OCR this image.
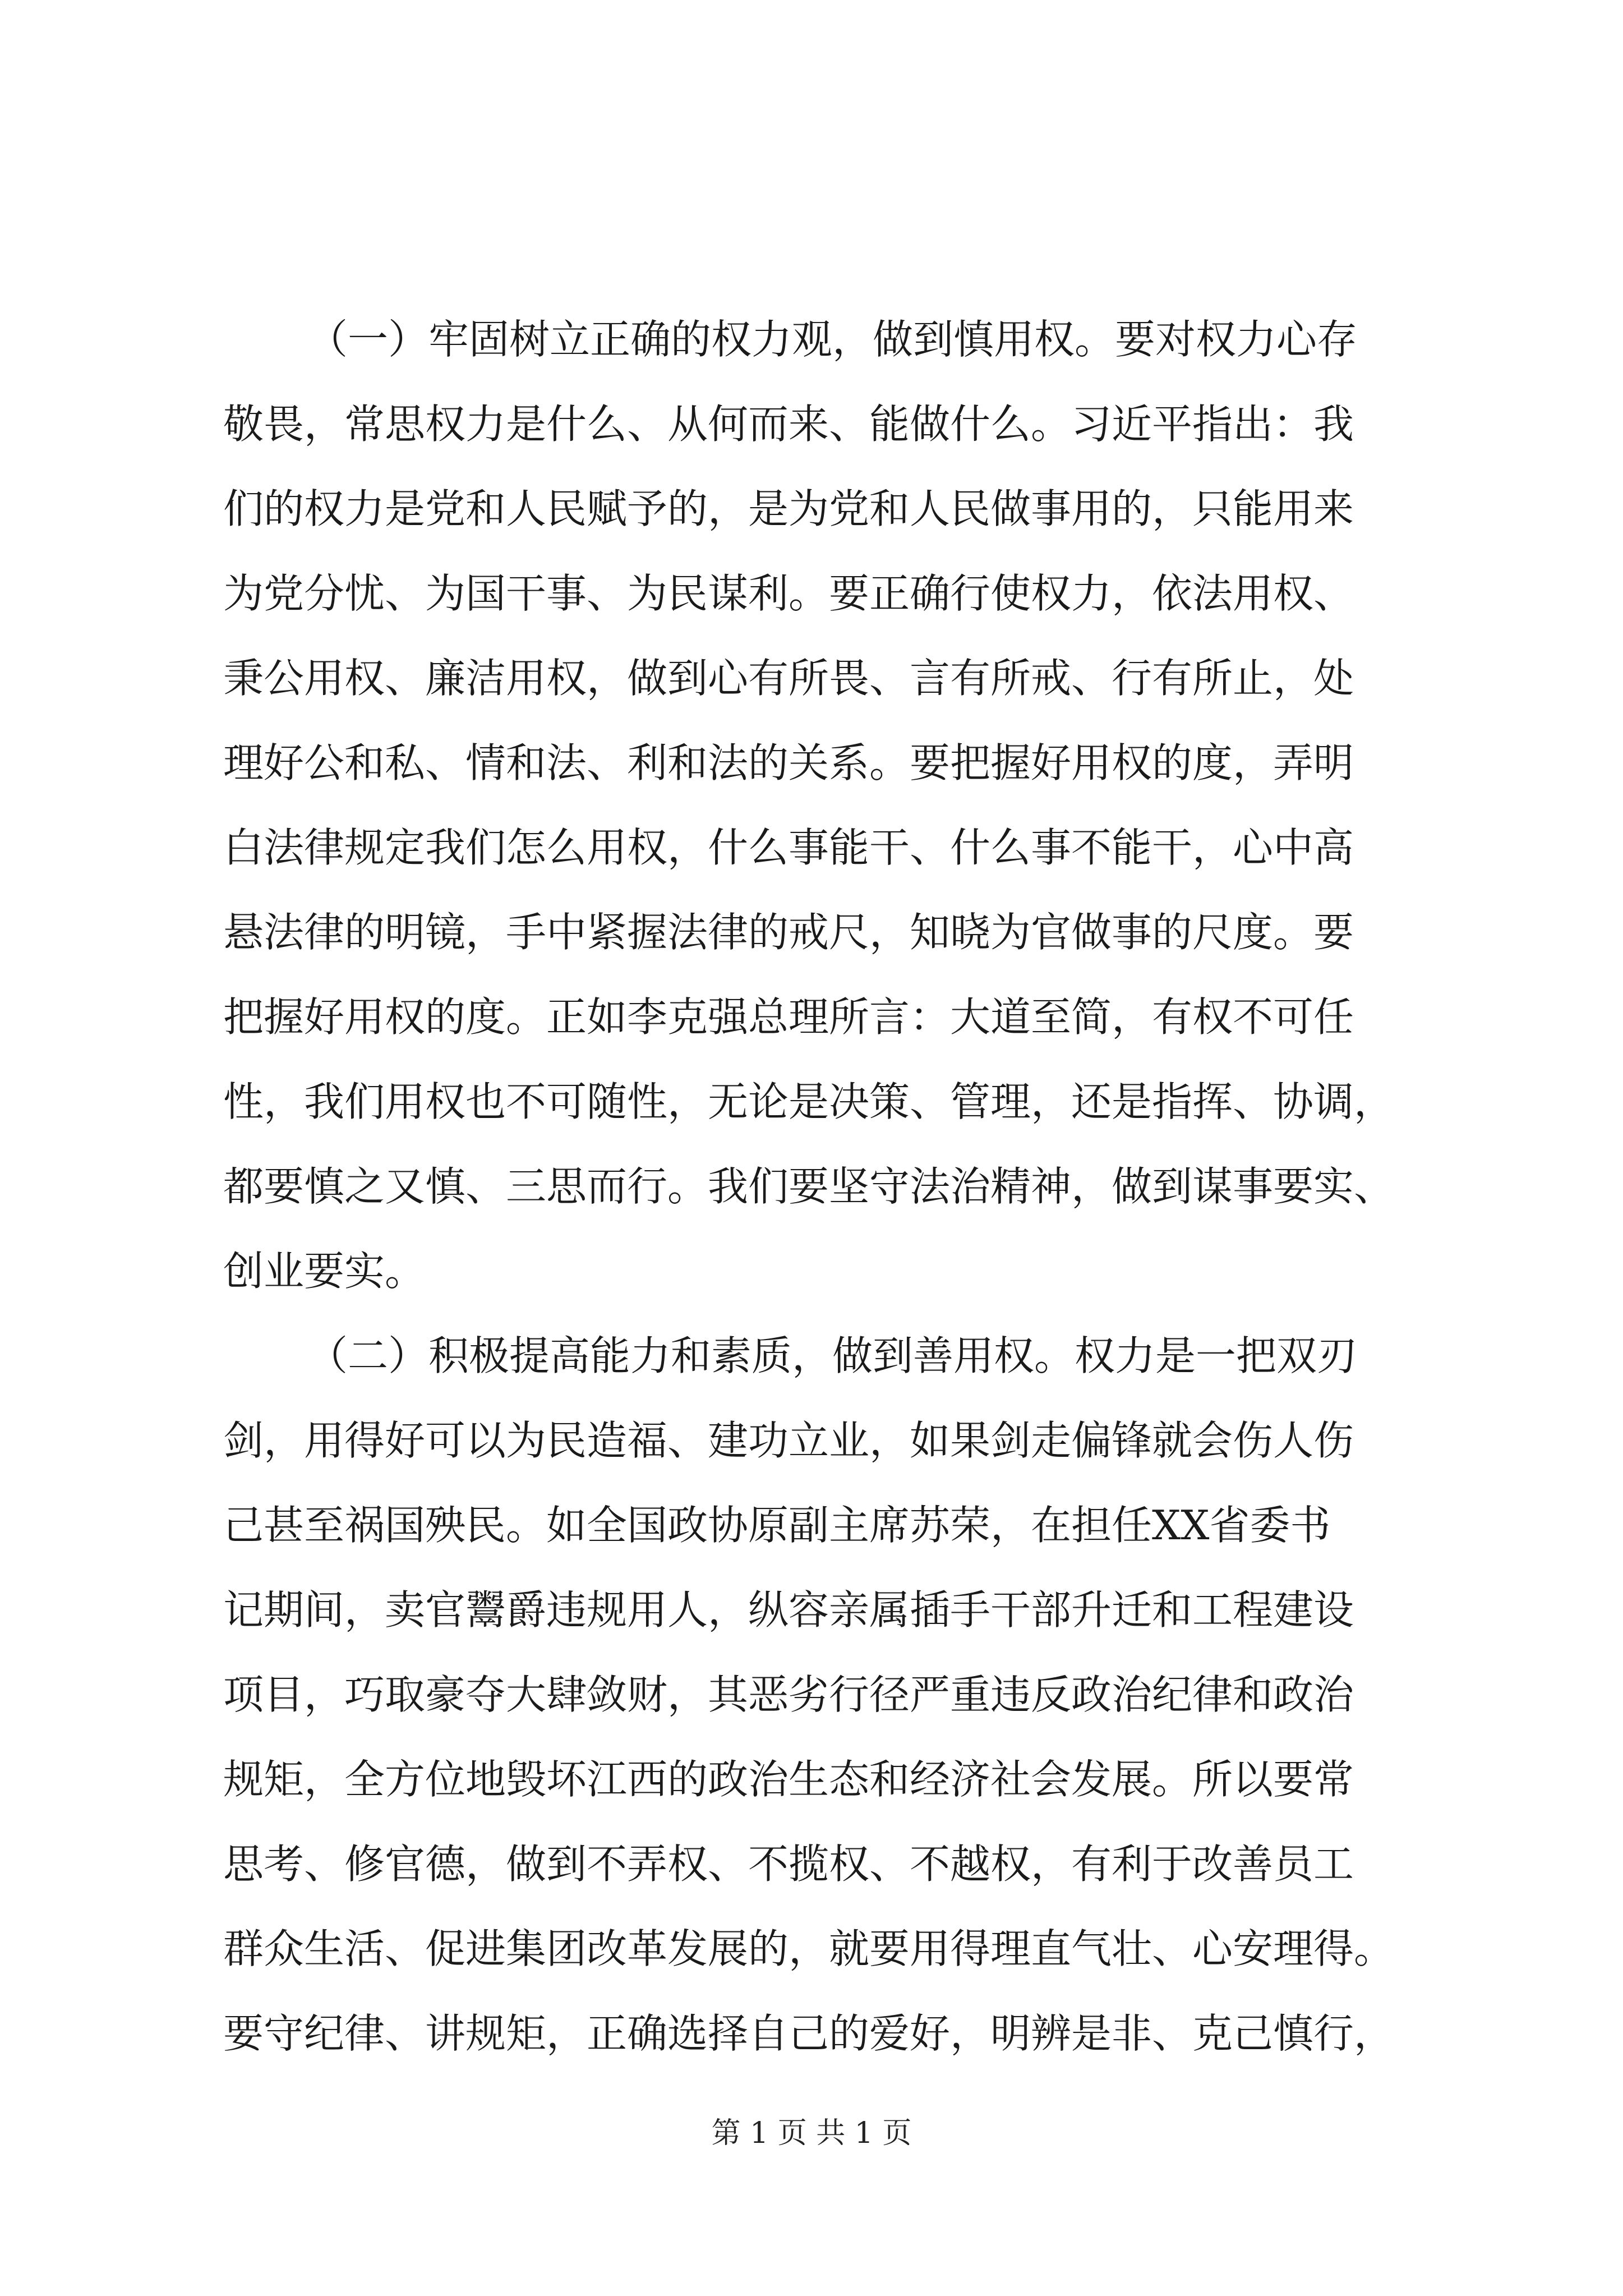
（一）牢固树立正确的权力观，做到慎用权。要对权力心存
敬畏，常思权力是什么、从何而来、能做什么。习近平指出：我
们的权力是党和人民赋予的，是为党和人民做事用的，只能用来
为党分忧、为国干事、为民谋利。要正确行使权力，依法用权、
秉公用权、廉洁用权，做到心有所畏、言有所戒、行有所止，处
理好公和私、情和法、利和法的关系。要把握好用权的度，弄明
白法律规定我们怎么用权，什么事能干、什么事不能干，心中高
悬法律的明镜，手中紧握法律的戒尺，知晓为官做事的尺度。要
把握好用权的度。正如李克强总理所言：大道至简，有权不可任
性，我们用权也不可随性，无论是决策、管理，还是指挥、协调，
都要慎之又慎、三思而行。我们要坚守法治精神，做到谋事要实、
创业要实。
（二）积极提高能力和素质，做到善用权。权力是一把双刃
剑，用得好可以为民造福、建功立业，如果剑走偏锋就会伤人伤
己甚至祸国殃民。如全国政协原副主席苏荣，在担任XX省委书
记期间，卖官鬻爵违规用人，纵容亲属插手干部升迁和工程建设
项目，巧取豪夺大肆敛财，其恶劣行径严重违反政治纪律和政治
规矩，全方位地毁坏江西的政治生态和经济社会发展。所以要常
思考、修官德，做到不弄权、不揽权、不越权，有利于改善员工
群众生活、促进集团改革发展的，就要用得理直气壮、心安理得。
要守纪律、讲规矩，正确选择自己的爱好，明辨是非、克己慎行，
第 1 页 共 1 页
